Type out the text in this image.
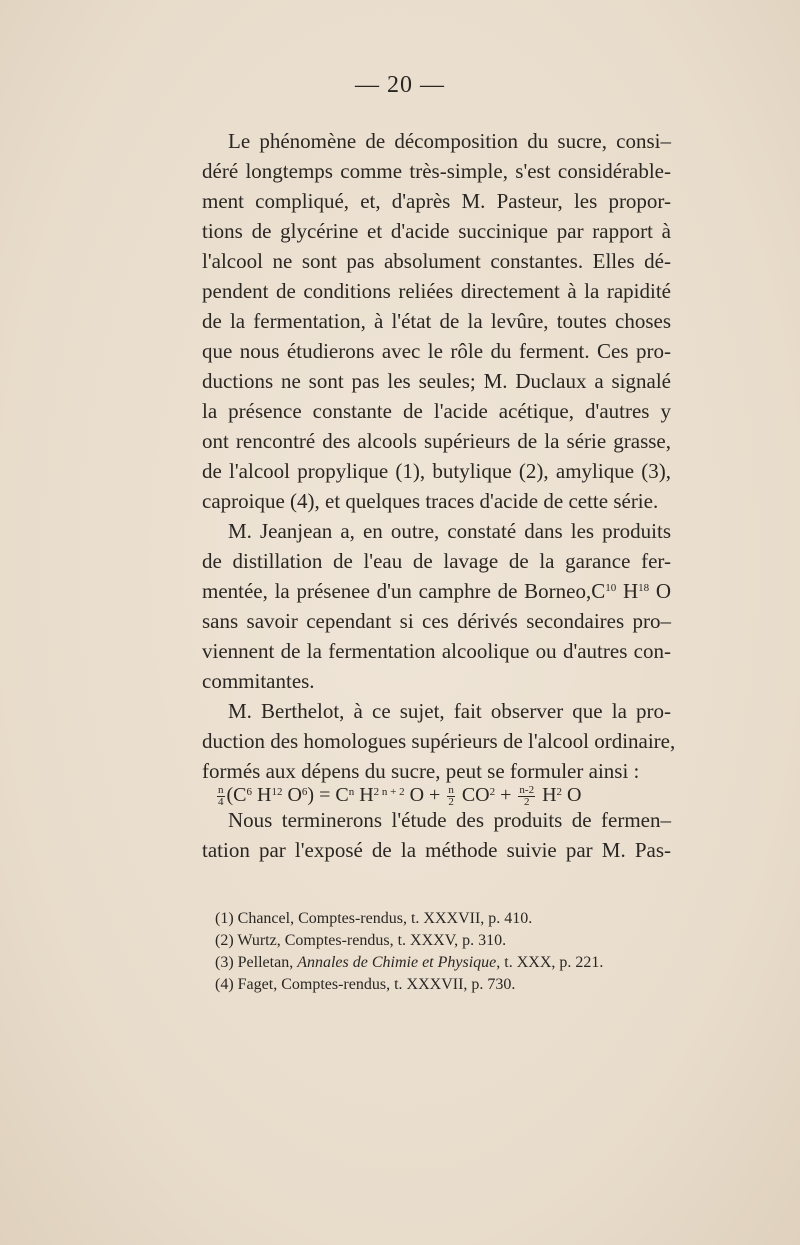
— 20 —

Le phénomène de décomposition du sucre, consi–
déré longtemps comme très-simple, s'est considérable-
ment compliqué, et, d'après M. Pasteur, les propor-
tions de glycérine et d'acide succinique par rapport à
l'alcool ne sont pas absolument constantes. Elles dé-
pendent de conditions reliées directement à la rapidité
de la fermentation, à l'état de la levûre, toutes choses
que nous étudierons avec le rôle du ferment. Ces pro-
ductions ne sont pas les seules; M. Duclaux a signalé
la présence constante de l'acide acétique, d'autres y
ont rencontré des alcools supérieurs de la série grasse,
de l'alcool propylique (1), butylique (2), amylique (3),
caproique (4), et quelques traces d'acide de cette série.

M. Jeanjean a, en outre, constaté dans les produits
de distillation de l'eau de lavage de la garance fer-
mentée, la présenee d'un camphre de $Borneo,C^{10}$ $H^{18}$ O
sans savoir cependant si ces dérivés secondaires pro–
viennent de la fermentation alcoolique ou d'autres con-
commitantes.

M. Berthelot, à ce sujet, fait observer que la pro-
duction des homologues supérieurs de l'alcool ordinaire,
formés aux dépens du sucre, peut se formuler ainsi :

$\frac{n}{4} (C^6$ $H^{12}$ $O^6) = C^n$ $H^{2 n + 2}$ $O + \frac{n}{2} CO^2 + \frac{n-2}{2} H^2$ O

Nous terminerons l'étude des produits de fermen–
tation par l'exposé de la méthode suivie par M. Pas-

(1) Chancel, Comptes-rendus, t. XXXVII, p. 410.
(2) Wurtz, Comptes-rendus, t. XXXV, p. 310.
(3) Pelletan, Annales de Chimie et Physique, t. XXX, p. 221.
(4) Faget, Comptes-rendus, t. XXXVII, p. 730.
